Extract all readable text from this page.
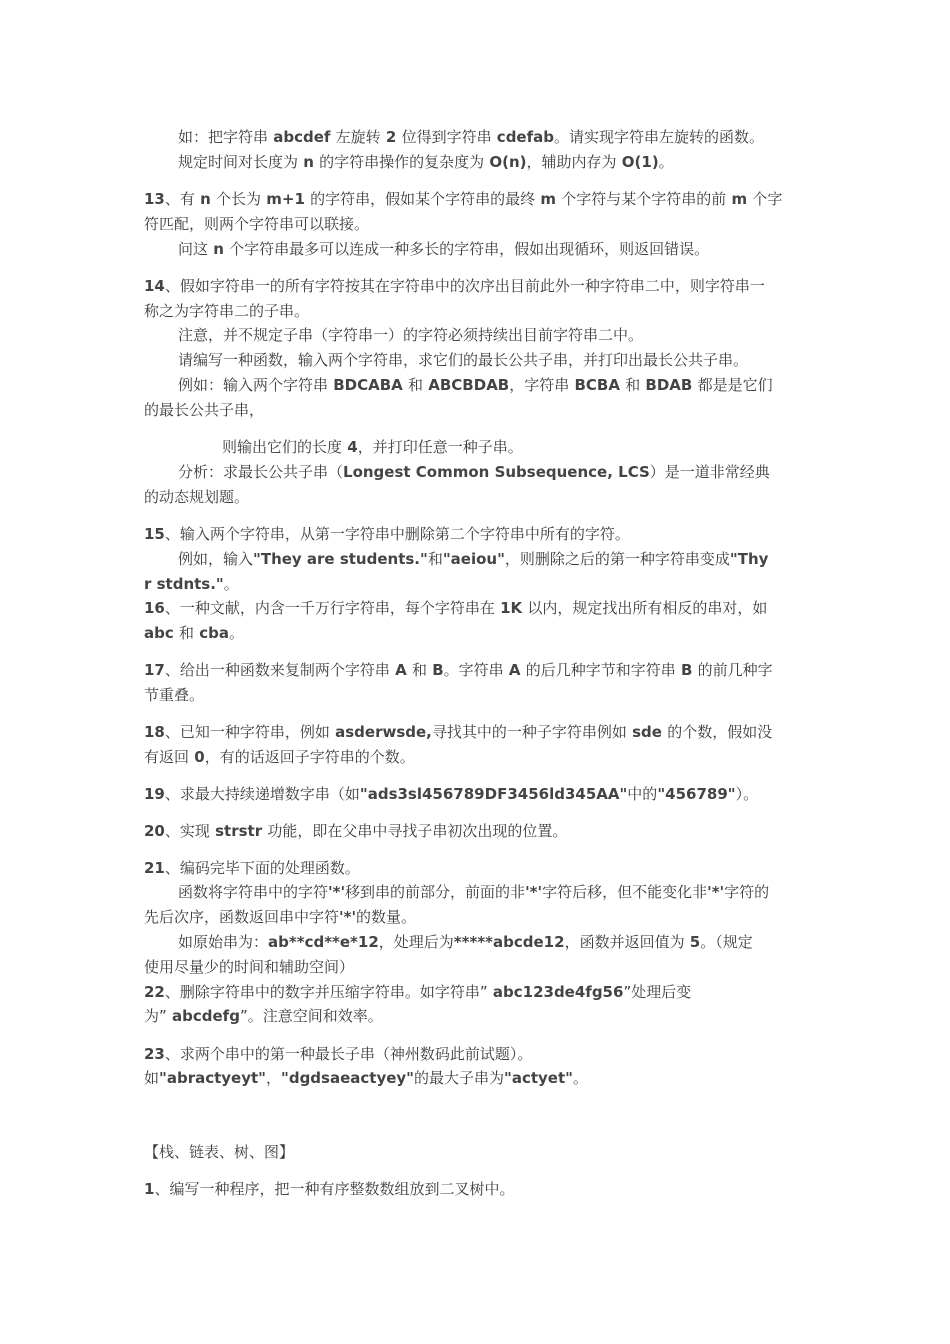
如：把字符串 abcdef 左旋转 2 位得到字符串 cdefab。请实现字符串左旋转的函数。
规定时间对长度为 n 的字符串操作的复杂度为 O(n)，辅助内存为 O(1)。
13、有 n 个长为 m+1 的字符串，假如某个字符串的最终 m 个字符与某个字符串的前 m 个字
符匹配，则两个字符串可以联接。
问这 n 个字符串最多可以连成一种多长的字符串，假如出现循环，则返回错误。
14、假如字符串一的所有字符按其在字符串中的次序出目前此外一种字符串二中，则字符串一
称之为字符串二的子串。
注意，并不规定子串（字符串一）的字符必须持续出目前字符串二中。
请编写一种函数，输入两个字符串，求它们的最长公共子串，并打印出最长公共子串。
例如：输入两个字符串 BDCABA 和 ABCBDAB，字符串 BCBA 和 BDAB 都是是它们
的最长公共子串，
则输出它们的长度 4，并打印任意一种子串。
分析：求最长公共子串（Longest Common Subsequence, LCS）是一道非常经典
的动态规划题。
15、输入两个字符串，从第一字符串中删除第二个字符串中所有的字符。
例如，输入"They are students."和"aeiou"，则删除之后的第一种字符串变成"Thy
r stdnts."。
16、一种文献，内含一千万行字符串，每个字符串在 1K 以内，规定找出所有相反的串对，如
abc 和 cba。
17、给出一种函数来复制两个字符串 A 和 B。字符串 A 的后几种字节和字符串 B 的前几种字
节重叠。
18、已知一种字符串，例如 asderwsde,寻找其中的一种子字符串例如 sde 的个数，假如没
有返回 0，有的话返回子字符串的个数。
19、求最大持续递增数字串（如"ads3sl456789DF3456ld345AA"中的"456789"）。
20、实现 strstr 功能，即在父串中寻找子串初次出现的位置。
21、编码完毕下面的处理函数。
函数将字符串中的字符'*'移到串的前部分，前面的非'*'字符后移，但不能变化非'*'字符的
先后次序，函数返回串中字符'*'的数量。
如原始串为：ab**cd**e*12，处理后为*****abcde12，函数并返回值为 5。（规定
使用尽量少的时间和辅助空间）
22、删除字符串中的数字并压缩字符串。如字符串” abc123de4fg56”处理后变
为” abcdefg”。注意空间和效率。
23、求两个串中的第一种最长子串（神州数码此前试题）。
如"abractyeyt"，"dgdsaeactyey"的最大子串为"actyet"。
【栈、链表、树、图】
1、编写一种程序，把一种有序整数数组放到二叉树中。
